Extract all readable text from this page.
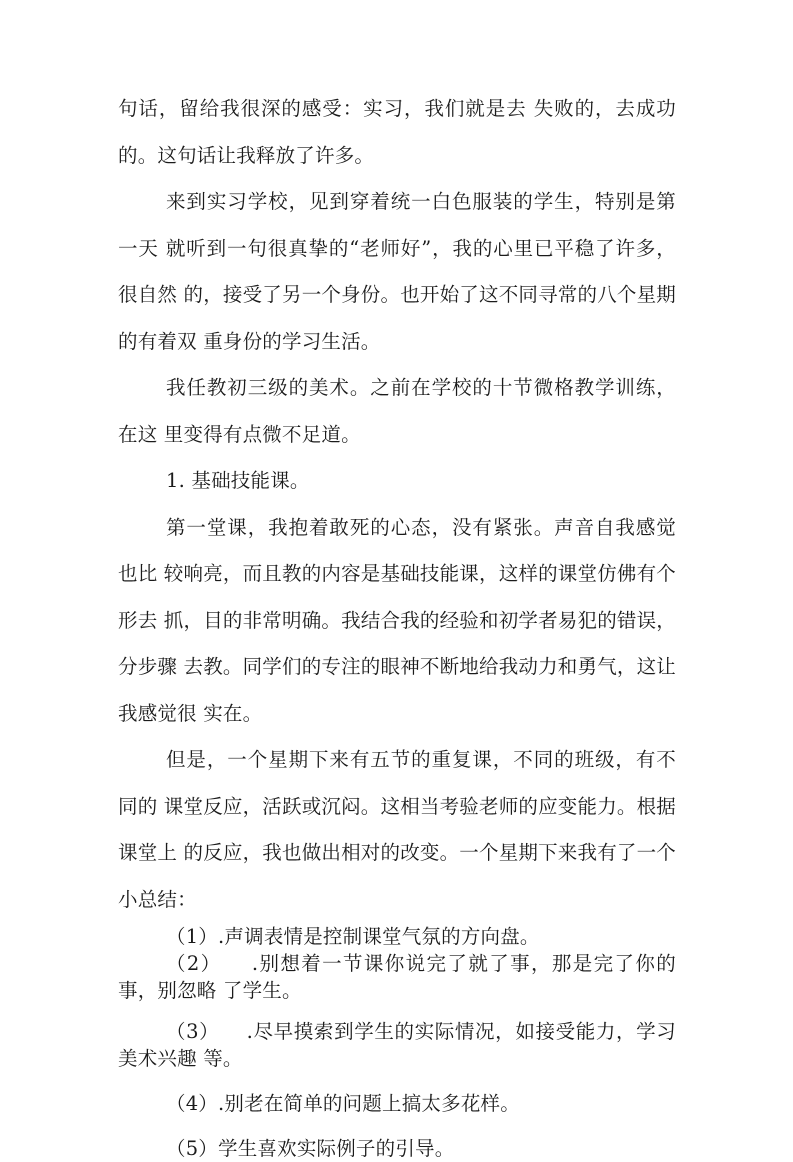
句话，留给我很深的感受：实习，我们就是去 失败的，去成功的。这句话让我释放了许多。

来到实习学校，见到穿着统一白色服装的学生，特别是第一天 就听到一句很真挚的“老师好”，我的心里已平稳了许多，很自然 的，接受了另一个身份。也开始了这不同寻常的八个星期的有着双 重身份的学习生活。

我任教初三级的美术。之前在学校的十节微格教学训练，在这 里变得有点微不足道。

1. 基础技能课。

第一堂课，我抱着敢死的心态，没有紧张。声音自我感觉也比 较响亮，而且教的内容是基础技能课，这样的课堂仿佛有个形去 抓，目的非常明确。我结合我的经验和初学者易犯的错误，分步骤 去教。同学们的专注的眼神不断地给我动力和勇气，这让我感觉很 实在。

但是，一个星期下来有五节的重复课，不同的班级，有不同的 课堂反应，活跃或沉闷。这相当考验老师的应变能力。根据课堂上 的反应，我也做出相对的改变。一个星期下来我有了一个小总结：

（1）.声调表情是控制课堂气氛的方向盘。
（2）    .别想着一节课你说完了就了事，那是完了你的事，别忽略 了学生。
（3）    .尽早摸索到学生的实际情况，如接受能力，学习美术兴趣 等。
（4）.别老在简单的问题上搞太多花样。
（5）学生喜欢实际例子的引导。
